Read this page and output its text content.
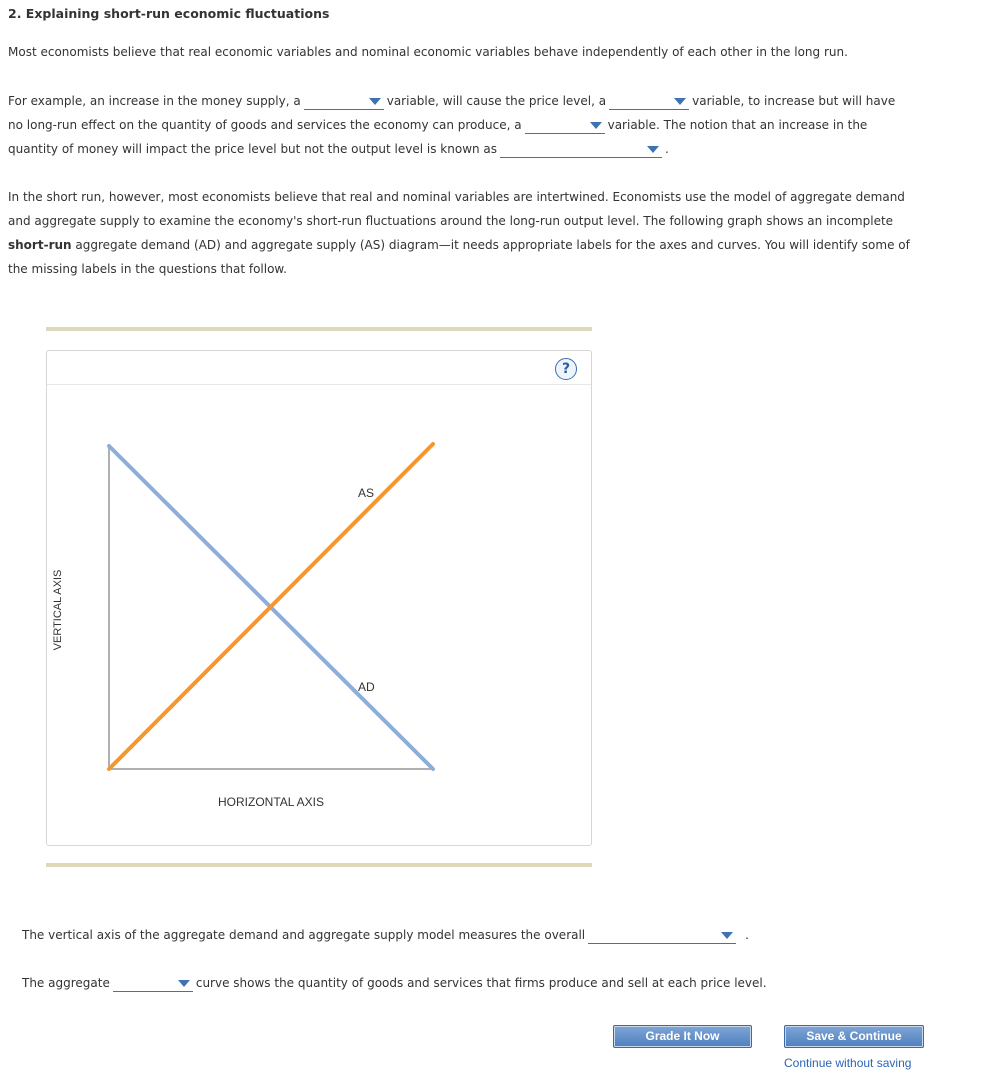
2. Explaining short-run economic fluctuations
Most economists believe that real economic variables and nominal economic variables behave independently of each other in the long run.
For example, an increase in the money supply, a	variable, will cause the price level, a	variable, to increase but will have
no long-run effect on the quantity of goods and services the economy can produce, a	variable. The notion that an increase in the
quantity of money will impact the price level but not the output level is known as	.
In the short run, however, most economists believe that real and nominal variables are intertwined. Economists use the model of aggregate demand
and aggregate supply to examine the economy's short-run fluctuations around the long-run output level. The following graph shows an incomplete
short-run aggregate demand (AD) and aggregate supply (AS) diagram—it needs appropriate labels for the axes and curves. You will identify some of
the missing labels in the questions that follow.
?
VERTICAL AXIS
HORIZONTAL AXIS
AS
AD
The vertical axis of the aggregate demand and aggregate supply model measures the overall	.
The aggregate	curve shows the quantity of goods and services that firms produce and sell at each price level.
Grade It Now	Save & Continue
Continue without saving
